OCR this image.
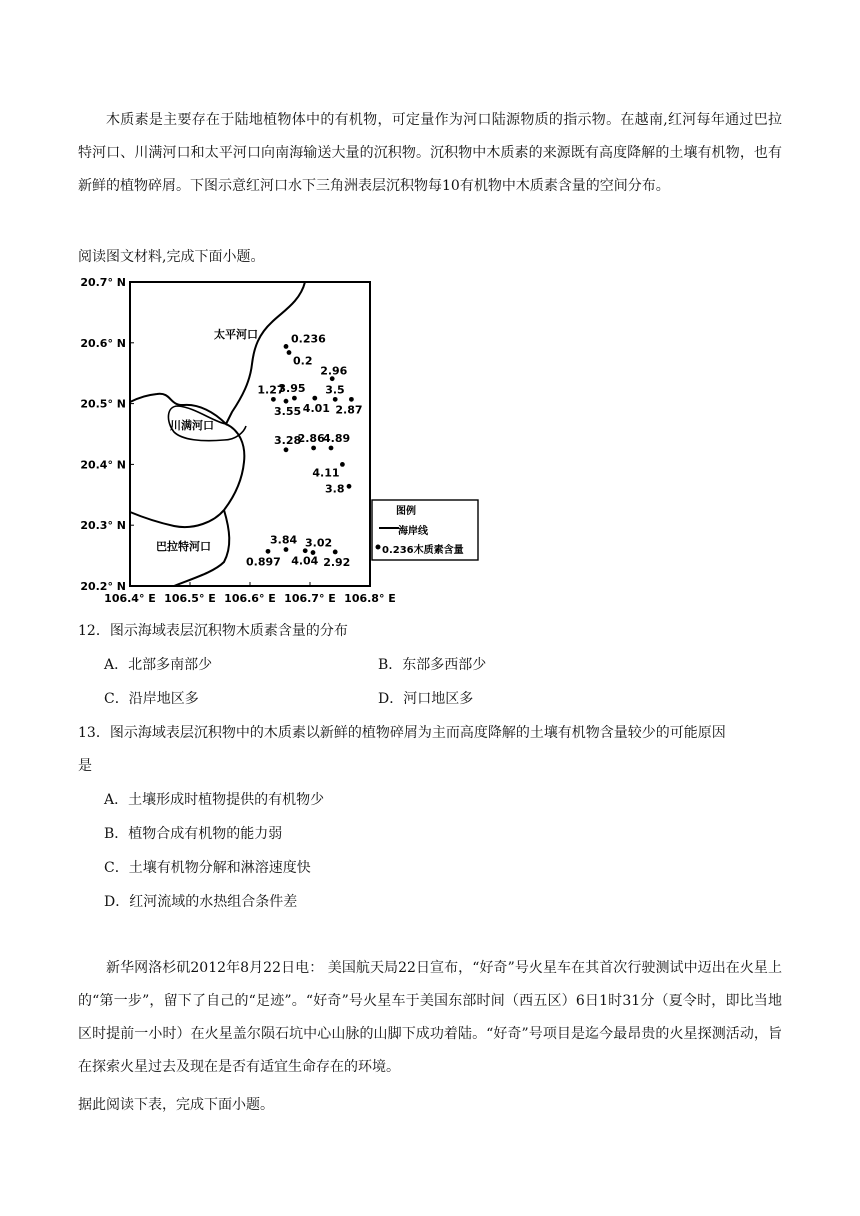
木质素是主要存在于陆地植物体中的有机物，可定量作为河口陆源物质的指示物。在越南,红河每年通过巴拉特河口、川满河口和太平河口向南海输送大量的沉积物。沉积物中木质素的来源既有高度降解的土壤有机物，也有新鲜的植物碎屑。下图示意红河口水下三角洲表层沉积物每10有机物中木质素含量的空间分布。

阅读图文材料,完成下面小题。

20.7° N
20.6° N
20.5° N
20.4° N
20.3° N
20.2° N
106.4° E 106.5° E 106.6° E 106.7° E 106.8° E
太平河口
川满河口
巴拉特河口
0.236
0.2
2.96
1.27
3.55
3.95
4.01
3.5
2.87
3.28
2.86
4.89
4.11
3.8
0.897
3.84
4.04
3.02
2.92
图例
海岸线
0.236木质素含量

12．图示海域表层沉积物木质素含量的分布

A．北部多南部少	B．东部多西部少
C．沿岸地区多	D．河口地区多

13．图示海域表层沉积物中的木质素以新鲜的植物碎屑为主而高度降解的土壤有机物含量较少的可能原因

是

A．土壤形成时植物提供的有机物少
B．植物合成有机物的能力弱
C．土壤有机物分解和淋溶速度快
D．红河流域的水热组合条件差

新华网洛杉矶2012年8月22日电： 美国航天局22日宣布，“好奇”号火星车在其首次行驶测试中迈出在火星上的“第一步”，留下了自己的“足迹”。“好奇”号火星车于美国东部时间（西五区）6日1时31分（夏令时，即比当地区时提前一小时）在火星盖尔陨石坑中心山脉的山脚下成功着陆。“好奇”号项目是迄今最昂贵的火星探测活动，旨在探索火星过去及现在是否有适宜生命存在的环境。

据此阅读下表，完成下面小题。
